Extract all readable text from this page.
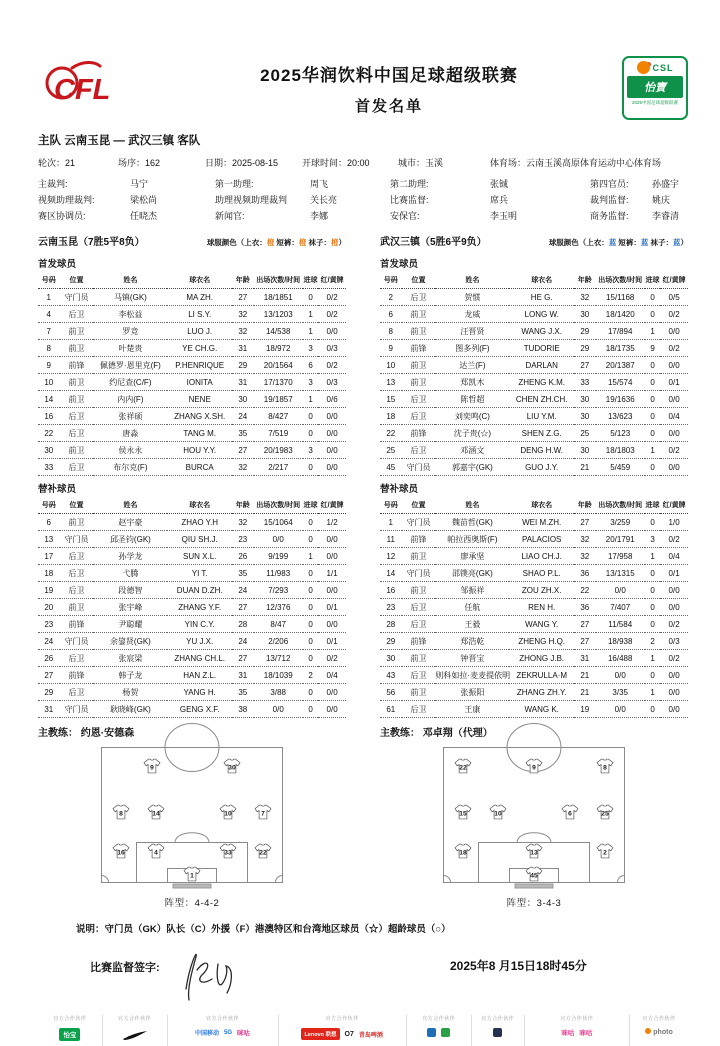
CFL	2025华润饮料中国足球超级联赛
首发名单
CSL
怡寶
2025中国足球超级联赛
主队 云南玉昆 — 武汉三镇 客队
轮次：21	场序：162	日期：2025-08-15	开球时间：20:00	城市：玉溪	体育场：云南玉溪高原体育运动中心体育场
主裁判:	马宁	第一助理:	周飞	第二助理:	张铖	第四官员:	孙盛宇
视频助理裁判:	梁松尚	助理视频助理裁判	关长亮	比赛监督:	席兵	裁判监督:	姚庆
赛区协调员:	任晓杰	新闻官:	李娜	安保官:	李玉明	商务监督:	李睿清
云南玉昆（7胜5平8负）	球服颜色（上衣：橙 短裤：橙 袜子：橙）
首发球员
号码	位置	姓名	球衣名	年龄	出场次数/时间	进球	红/黄牌
1	守门员	马镇(GK)	MA ZH.	27	18/1851	0	0/2
4	后卫	李松益	LI S.Y.	32	13/1203	1	0/2
7	前卫	罗竞	LUO J.	32	14/538	1	0/0
8	前卫	叶楚贵	YE CH.G.	31	18/972	3	0/3
9	前锋	佩德罗·恩里克(F)	P.HENRIQUE	29	20/1564	6	0/2
10	前卫	约尼查(C/F)	IONITA	31	17/1370	3	0/3
14	前卫	内内(F)	NENE	30	19/1857	1	0/6
16	后卫	张祥硕	ZHANG X.SH.	24	8/427	0	0/0
22	后卫	唐淼	TANG M.	35	7/519	0	0/0
30	前卫	侯永永	HOU Y.Y.	27	20/1983	3	0/0
33	后卫	布尔克(F)	BURCA	32	2/217	0	0/0
替补球员
号码	位置	姓名	球衣名	年龄	出场次数/时间	进球	红/黄牌
6	前卫	赵宇豪	ZHAO Y.H	32	15/1064	0	1/2
13	守门员	邱圣钧(GK)	QIU SH.J.	23	0/0	0	0/0
17	后卫	孙学龙	SUN X.L.	26	9/199	1	0/0
18	后卫	弋腾	YI T.	35	11/983	0	1/1
19	后卫	段德智	DUAN D.ZH.	24	7/293	0	0/0
20	前卫	张宇峰	ZHANG Y.F.	27	12/376	0	0/1
23	前锋	尹聪耀	YIN C.Y.	28	8/47	0	0/0
24	守门员	余鋆贤(GK)	YU J.X.	24	2/206	0	0/1
26	后卫	张宸梁	ZHANG CH.L.	27	13/712	0	0/2
27	前锋	韩子龙	HAN Z.L.	31	18/1039	2	0/4
29	后卫	杨贺	YANG H.	35	3/88	0	0/0
31	守门员	耿晓峰(GK)	GENG X.F.	38	0/0	0	0/0
主教练： 约恩·安德森
9	30
8	14	10	7
16	4	33	22
1
阵型：4-4-2
武汉三镇（5胜6平9负）	球服颜色（上衣：蓝 短裤：蓝 袜子：蓝）
首发球员
号码	位置	姓名	球衣名	年龄	出场次数/时间	进球	红/黄牌
2	后卫	贺惯	HE G.	32	15/1168	0	0/5
6	前卫	龙威	LONG W.	30	18/1420	0	0/2
8	前卫	汪晋贤	WANG J.X.	29	17/894	1	0/0
9	前锋	图多列(F)	TUDORIE	29	18/1735	9	0/2
10	前卫	达兰(F)	DARLAN	27	20/1387	0	0/0
13	前卫	郑凯木	ZHENG K.M.	33	15/574	0	0/1
15	后卫	陈哲超	CHEN ZH.CH.	30	19/1636	0	0/0
18	后卫	刘奕鸣(C)	LIU Y.M.	30	13/623	0	0/4
22	前锋	沈子贵(☆)	SHEN Z.G.	25	5/123	0	0/0
25	后卫	邓涵文	DENG H.W.	30	18/1803	1	0/2
45	守门员	郭嘉宇(GK)	GUO J.Y.	21	5/459	0	0/0
替补球员
号码	位置	姓名	球衣名	年龄	出场次数/时间	进球	红/黄牌
1	守门员	魏苗哲(GK)	WEI M.ZH.	27	3/259	0	1/0
11	前锋	帕拉西奥斯(F)	PALACIOS	32	20/1791	3	0/2
12	前卫	廖承坚	LIAO CH.J.	32	17/958	1	0/4
14	守门员	邵镤亮(GK)	SHAO P.L.	36	13/1315	0	0/1
16	前卫	邹振祥	ZOU ZH.X.	22	0/0	0	0/0
23	后卫	任航	REN H.	36	7/407	0	0/0
28	后卫	王毅	WANG Y.	27	11/584	0	0/2
29	前锋	郑浩乾	ZHENG H.Q.	27	18/938	2	0/3
30	前卫	钟晋宝	ZHONG J.B.	31	16/488	1	0/2
43	后卫	则科如拉·麦麦提依明	ZEKRULLA·M	21	0/0	0	0/0
56	前卫	张振阳	ZHANG ZH.Y.	21	3/35	1	0/0
61	后卫	王康	WANG K.	19	0/0	0	0/0
主教练： 邓卓翔（代理）
22	9	8
15	10	6	25
18	13	2
45
阵型：3-4-3
说明：守门员（GK）队长（C）外援（F）港澳特区和台湾地区球员（☆）超龄球员（○）
比赛监督签字:	2025年8 月15日18时45分
官方合作伙伴
怡宝
官方合作伙伴	官方合作伙伴
中国移动 5G 咪咕
官方合作伙伴
Lenovo 联想	O7 青岛啤酒
官方合作伙伴	官方合作伙伴	官方合作伙伴
咪咕 咪咕
官方合作伙伴
photo
